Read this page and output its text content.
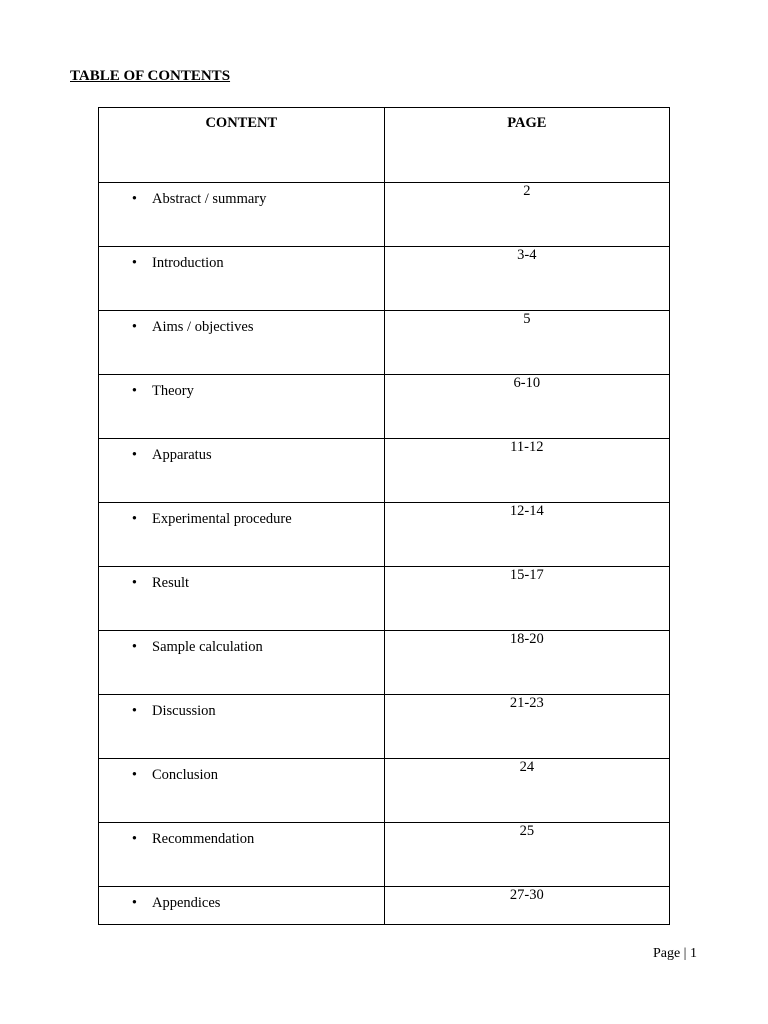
TABLE OF CONTENTS
CONTENT	PAGE

• Abstract / summary	2

• Introduction	3-4

• Aims / objectives	5

• Theory	6-10

• Apparatus	11-12

• Experimental procedure	12-14

• Result	15-17

• Sample calculation	18-20

• Discussion	21-23

• Conclusion	24

• Recommendation	25

• Appendices	27-30
Page | 1
